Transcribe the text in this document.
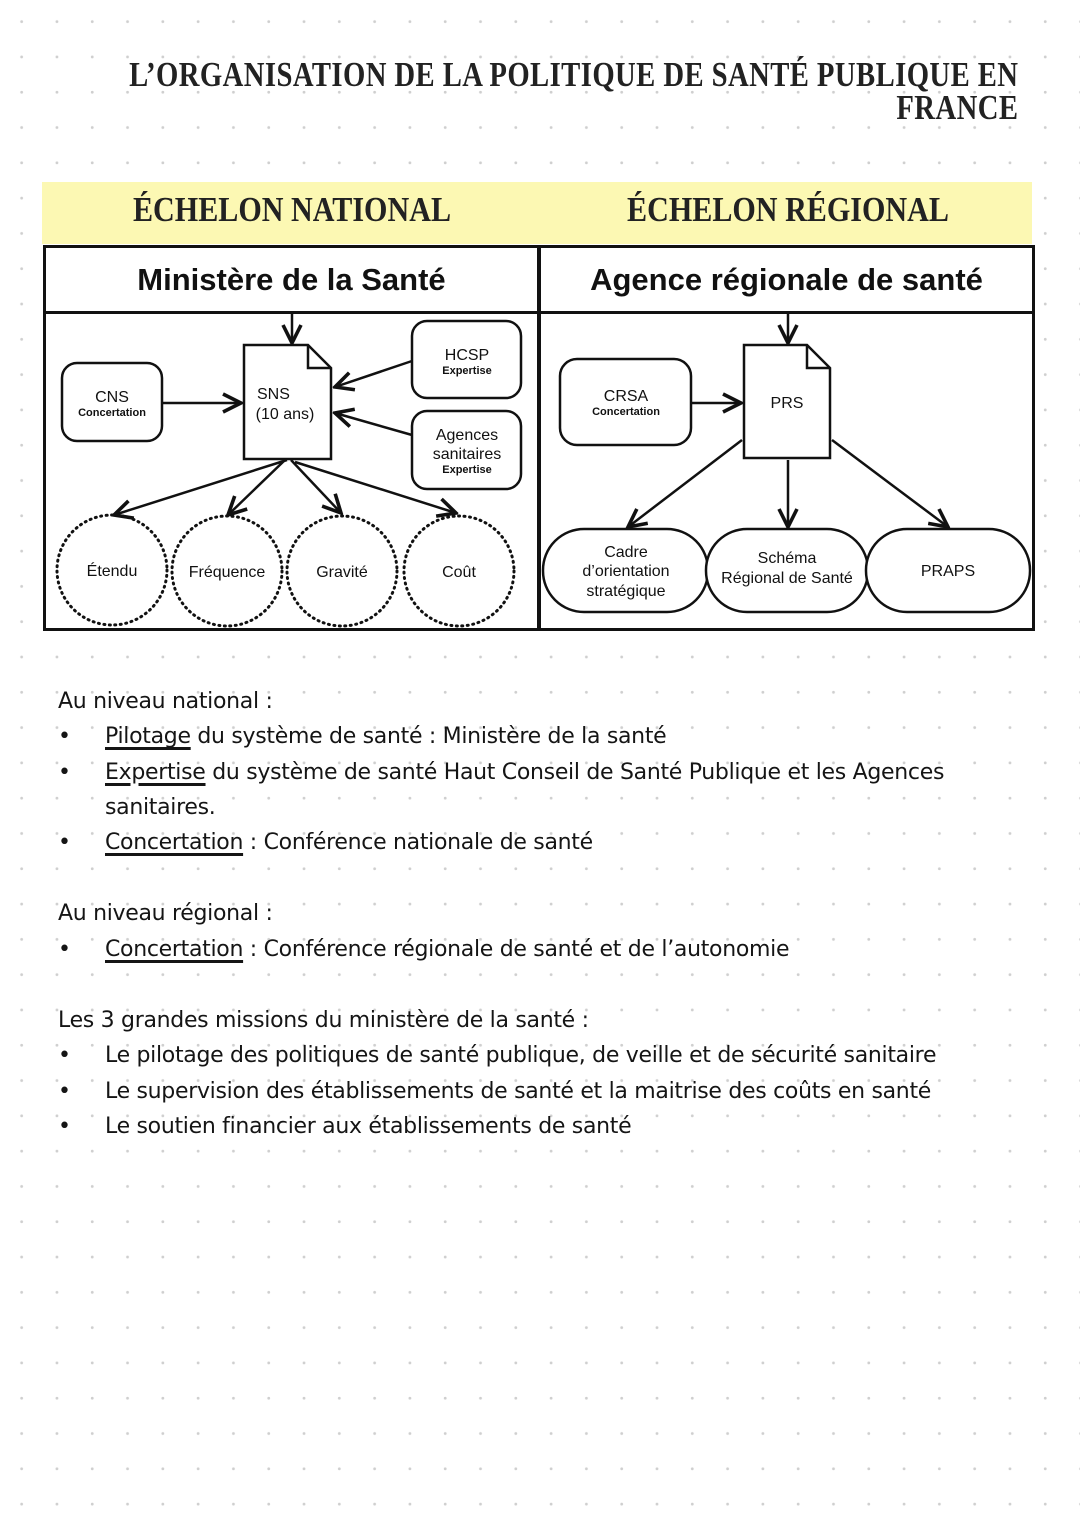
L’ORGANISATION DE LA POLITIQUE DE SANTÉ PUBLIQUE EN
FRANCE
ÉCHELON NATIONAL	ÉCHELON RÉGIONAL
Ministère de la Santé	Agence régionale de santé
SNS
(10 ans)
CNS
Concertation
HCSP
Expertise
Agences
sanitaires
Expertise
Étendu	Fréquence	Gravité	Coût
PRS
CRSA
Concertation
Cadre
d’orientation
stratégique
Schéma
Régional de Santé	PRAPS

Au niveau national :

• Pilotage du système de santé : Ministère de la santé

• Expertise du système de santé Haut Conseil de Santé Publique et les Agences sanitaires.

• Concertation : Conférence nationale de santé

Au niveau régional :

• Concertation : Conférence régionale de santé et de l’autonomie

Les 3 grandes missions du ministère de la santé :

• Le pilotage des politiques de santé publique, de veille et de sécurité sanitaire

• Le supervision des établissements de santé et la maitrise des coûts en santé

• Le soutien financier aux établissements de santé
